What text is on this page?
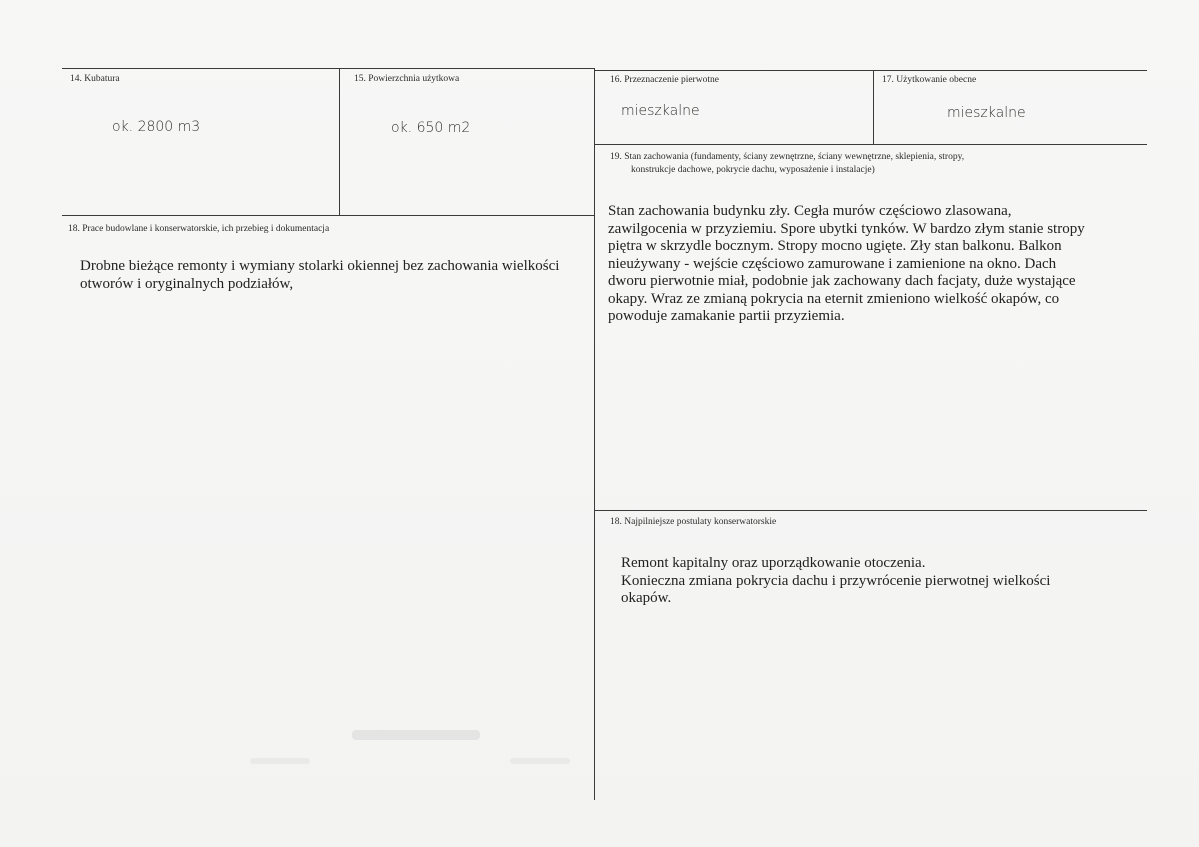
14. Kubatura
ok. 2800 m3
15. Powierzchnia użytkowa
ok. 650 m2
16. Przeznaczenie pierwotne
mieszkalne
17. Użytkowanie obecne
mieszkalne
19. Stan zachowania (fundamenty, ściany zewnętrzne, ściany wewnętrzne, sklepienia, stropy,
konstrukcje dachowe, pokrycie dachu, wyposażenie i instalacje)
Stan zachowania budynku zły. Cegła murów częściowo zlasowana,
zawilgocenia w przyziemiu. Spore ubytki tynków. W bardzo złym stanie stropy
piętra w skrzydle bocznym. Stropy mocno ugięte. Zły stan balkonu. Balkon
nieużywany - wejście częściowo zamurowane i zamienione na okno. Dach
dworu pierwotnie miał, podobnie jak zachowany dach facjaty, duże wystające
okapy. Wraz ze zmianą pokrycia na eternit zmieniono wielkość okapów, co
powoduje zamakanie partii przyziemia.
18. Prace budowlane i konserwatorskie, ich przebieg i dokumentacja
Drobne bieżące remonty i wymiany stolarki okiennej bez zachowania wielkości
otworów i oryginalnych podziałów,
18. Najpilniejsze postulaty konserwatorskie
Remont kapitalny oraz uporządkowanie otoczenia.
Konieczna zmiana pokrycia dachu i przywrócenie pierwotnej wielkości
okapów.
